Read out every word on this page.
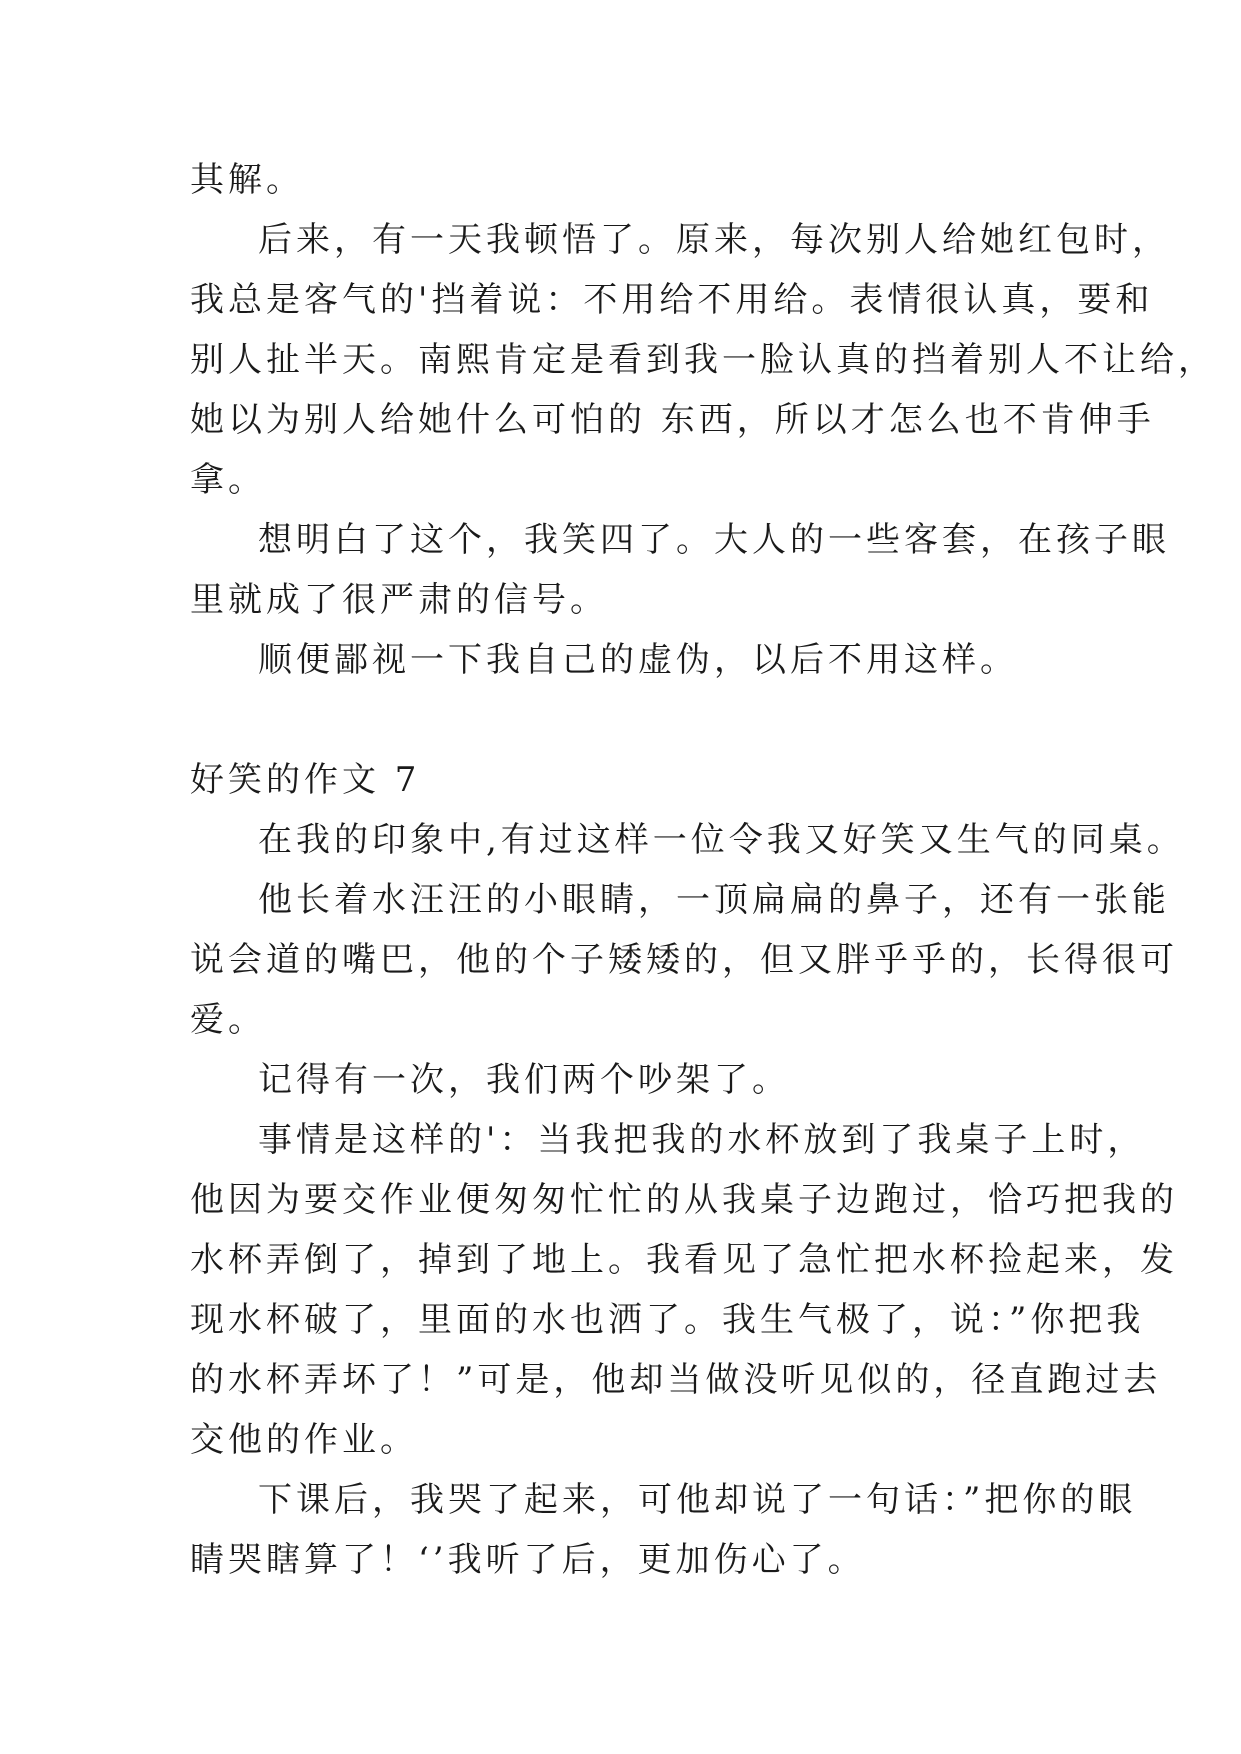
其解。
后来，有一天我顿悟了。原来，每次别人给她红包时，
我总是客气的'挡着说：不用给不用给。表情很认真，要和
别人扯半天。南熙肯定是看到我一脸认真的挡着别人不让给，
她以为别人给她什么可怕的 东西，所以才怎么也不肯伸手
拿。
想明白了这个，我笑四了。大人的一些客套，在孩子眼
里就成了很严肃的信号。
顺便鄙视一下我自己的虚伪，以后不用这样。
好笑的作文 7
在我的印象中,有过这样一位令我又好笑又生气的同桌。
他长着水汪汪的小眼睛，一顶扁扁的鼻子，还有一张能
说会道的嘴巴，他的个子矮矮的，但又胖乎乎的，长得很可
爱。
记得有一次，我们两个吵架了。
事情是这样的'：当我把我的水杯放到了我桌子上时，
他因为要交作业便匆匆忙忙的从我桌子边跑过，恰巧把我的
水杯弄倒了，掉到了地上。我看见了急忙把水杯捡起来，发
现水杯破了，里面的水也洒了。我生气极了，说：”你把我
的水杯弄坏了！”可是，他却当做没听见似的，径直跑过去
交他的作业。
下课后，我哭了起来，可他却说了一句话：”把你的眼
睛哭瞎算了！‘’我听了后，更加伤心了。
